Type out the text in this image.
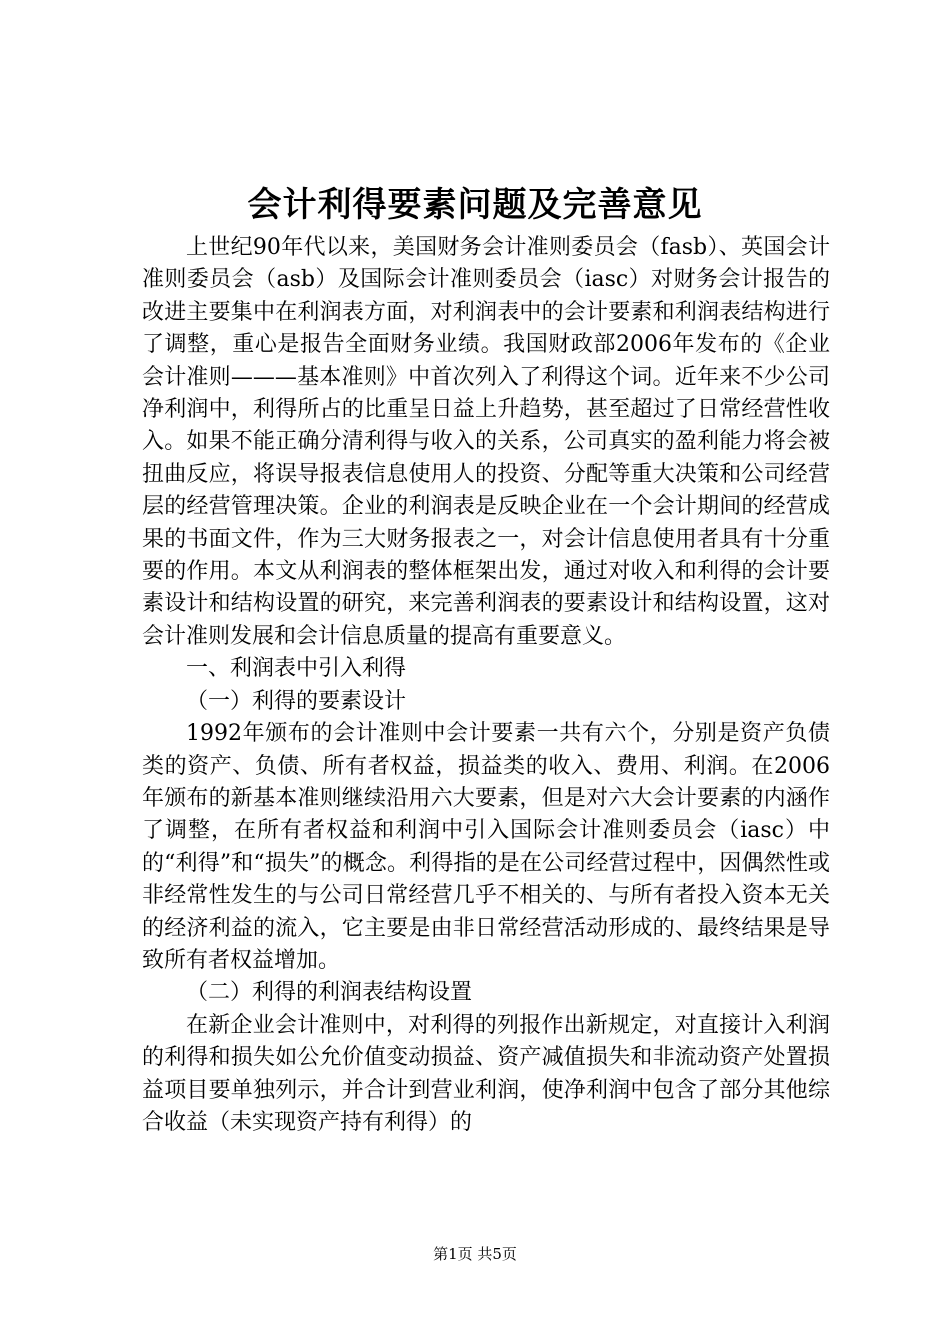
会计利得要素问题及完善意见

上世纪90年代以来，美国财务会计准则委员会（fasb）、英国会计准则委员会（asb）及国际会计准则委员会（iasc）对财务会计报告的改进主要集中在利润表方面，对利润表中的会计要素和利润表结构进行了调整，重心是报告全面财务业绩。我国财政部2006年发布的《企业会计准则———基本准则》中首次列入了利得这个词。近年来不少公司净利润中，利得所占的比重呈日益上升趋势，甚至超过了日常经营性收入。如果不能正确分清利得与收入的关系，公司真实的盈利能力将会被扭曲反应，将误导报表信息使用人的投资、分配等重大决策和公司经营层的经营管理决策。企业的利润表是反映企业在一个会计期间的经营成果的书面文件，作为三大财务报表之一，对会计信息使用者具有十分重要的作用。本文从利润表的整体框架出发，通过对收入和利得的会计要素设计和结构设置的研究，来完善利润表的要素设计和结构设置，这对会计准则发展和会计信息质量的提高有重要意义。

一、利润表中引入利得

（一）利得的要素设计

1992年颁布的会计准则中会计要素一共有六个，分别是资产负债类的资产、负债、所有者权益，损益类的收入、费用、利润。在2006年颁布的新基本准则继续沿用六大要素，但是对六大会计要素的内涵作了调整，在所有者权益和利润中引入国际会计准则委员会（iasc）中的“利得”和“损失”的概念。利得指的是在公司经营过程中，因偶然性或非经常性发生的与公司日常经营几乎不相关的、与所有者投入资本无关的经济利益的流入，它主要是由非日常经营活动形成的、最终结果是导致所有者权益增加。

（二）利得的利润表结构设置

在新企业会计准则中，对利得的列报作出新规定，对直接计入利润的利得和损失如公允价值变动损益、资产减值损失和非流动资产处置损益项目要单独列示，并合计到营业利润，使净利润中包含了部分其他综合收益（未实现资产持有利得）的

第1页 共5页
